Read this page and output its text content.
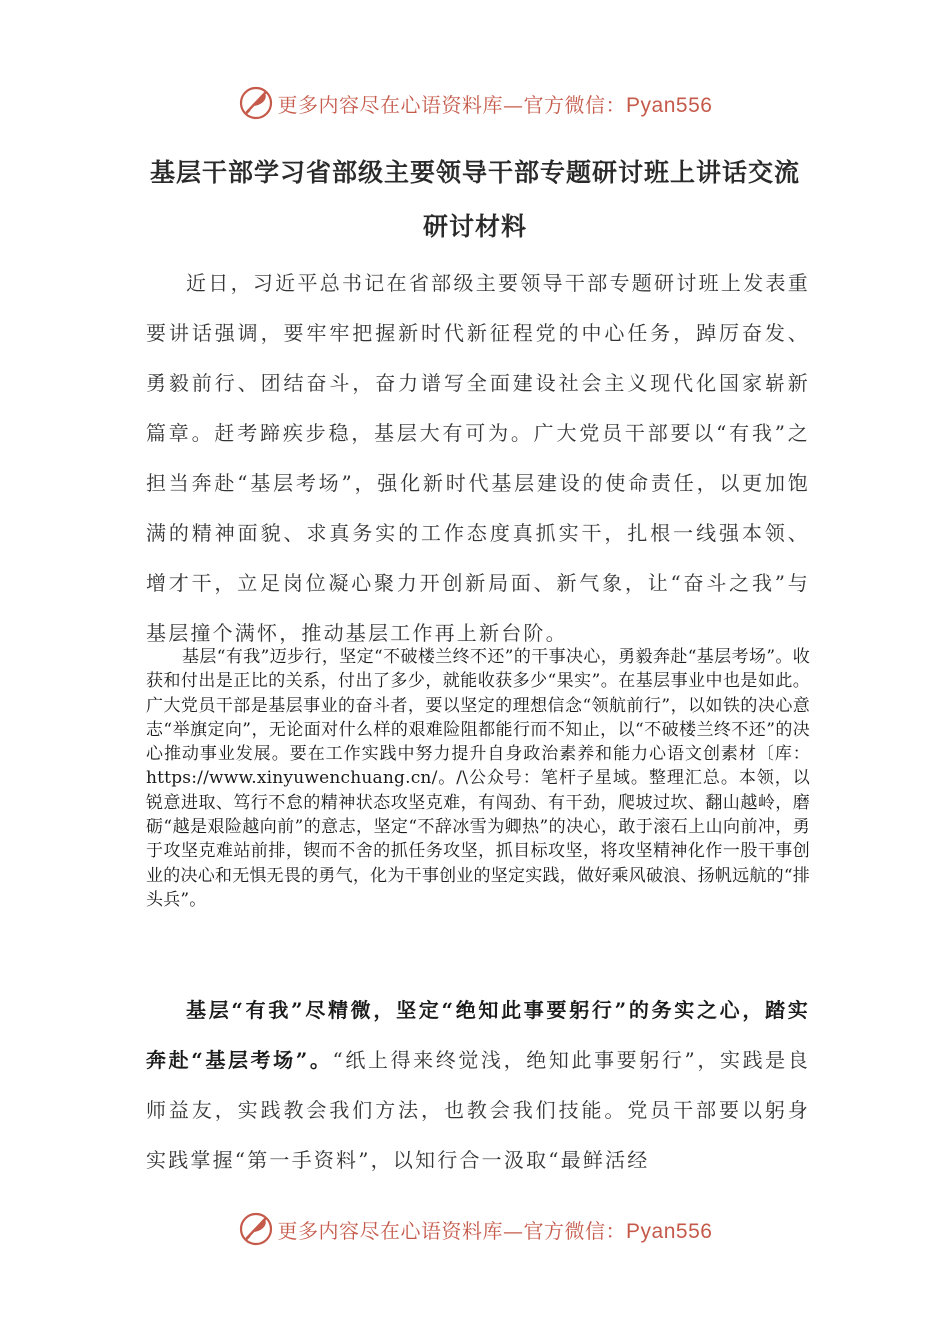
更多内容尽在心语资料库—官方微信：Pyan556
基层干部学习省部级主要领导干部专题研讨班上讲话交流研讨材料

近日，习近平总书记在省部级主要领导干部专题研讨班上发表重要讲话强调，要牢牢把握新时代新征程党的中心任务，踔厉奋发、勇毅前行、团结奋斗，奋力谱写全面建设社会主义现代化国家崭新篇章。赶考蹄疾步稳，基层大有可为。广大党员干部要以“有我”之担当奔赴“基层考场”，强化新时代基层建设的使命责任，以更加饱满的精神面貌、求真务实的工作态度真抓实干，扎根一线强本领、增才干，立足岗位凝心聚力开创新局面、新气象，让“奋斗之我”与基层撞个满怀，推动基层工作再上新台阶。

基层“有我”迈步行，坚定“不破楼兰终不还”的干事决心，勇毅奔赴“基层考场”。收获和付出是正比的关系，付出了多少，就能收获多少“果实”。在基层事业中也是如此。广大党员干部是基层事业的奋斗者，要以坚定的理想信念“领航前行”，以如铁的决心意志“举旗定向”，无论面对什么样的艰难险阻都能行而不知止，以“不破楼兰终不还”的决心推动事业发展。要在工作实践中努力提升自身政治素养和能力心语文创素材〔库：https://www.xinyuwenchuang.cn/。/\公众号：笔杆子星域。整理汇总。本领，以锐意进取、笃行不怠的精神状态攻坚克难，有闯劲、有干劲，爬坡过坎、翻山越岭，磨砺“越是艰险越向前”的意志，坚定“不辞冰雪为卿热”的决心，敢于滚石上山向前冲，勇于攻坚克难站前排，锲而不舍的抓任务攻坚，抓目标攻坚，将攻坚精神化作一股干事创业的决心和无惧无畏的勇气，化为干事创业的坚定实践，做好乘风破浪、扬帆远航的“排头兵”。

基层“有我”尽精微，坚定“绝知此事要躬行”的务实之心，踏实奔赴“基层考场”。“纸上得来终觉浅，绝知此事要躬行”，实践是良师益友，实践教会我们方法，也教会我们技能。党员干部要以躬身实践掌握“第一手资料”，以知行合一汲取“最鲜活经

更多内容尽在心语资料库—官方微信：Pyan556
